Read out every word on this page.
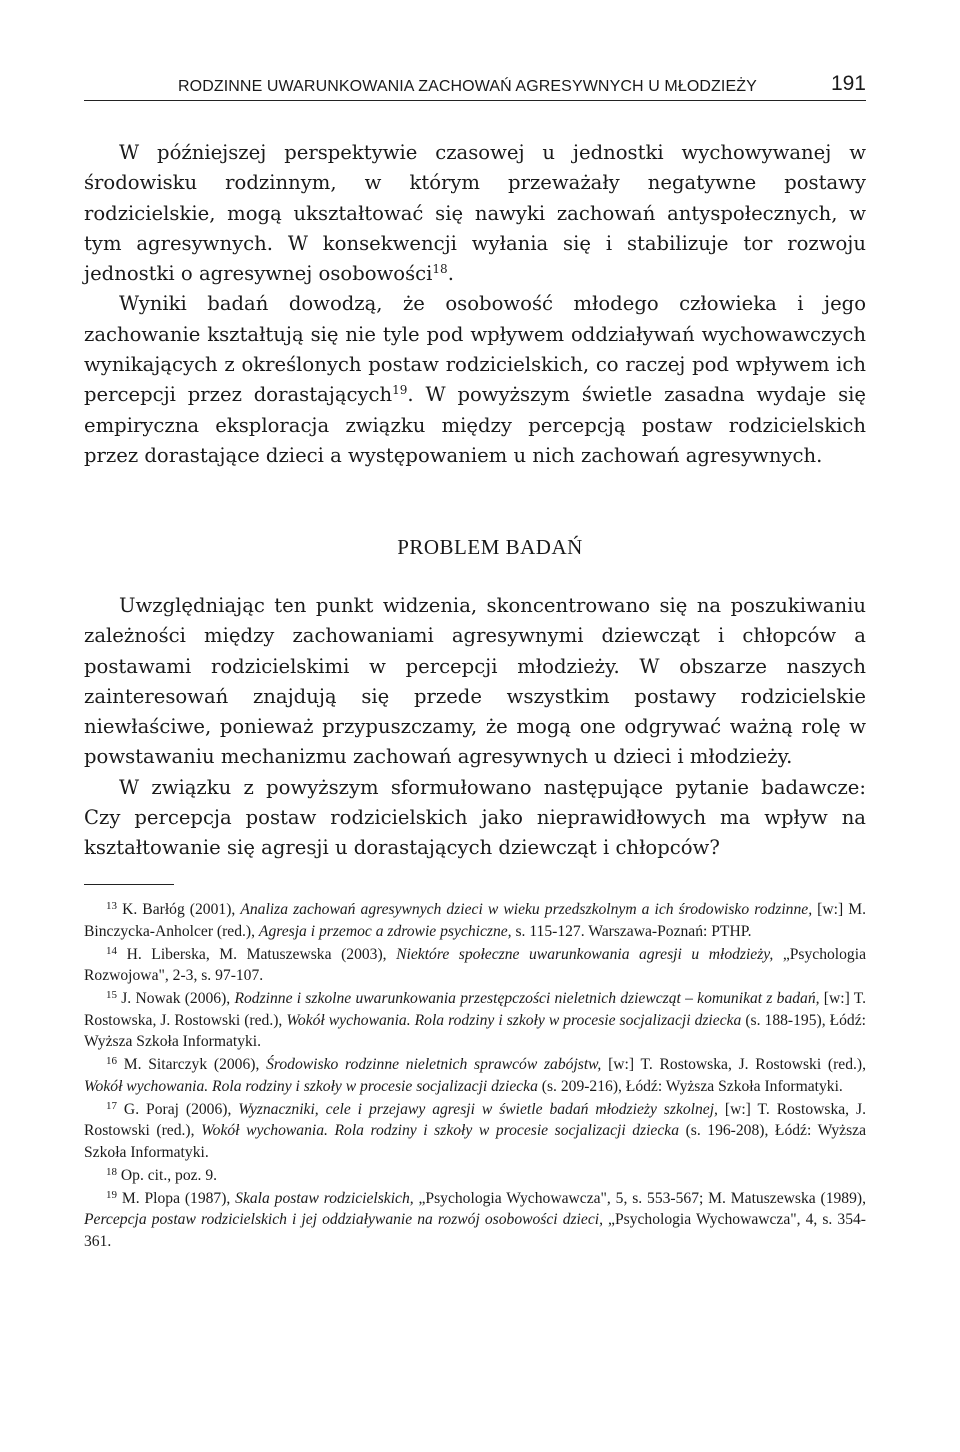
RODZINNE UWARUNKOWANIA ZACHOWAŃ AGRESYWNYCH U MŁODZIEŻY	191

W późniejszej perspektywie czasowej u jednostki wychowywanej w środowisku rodzinnym, w którym przeważały negatywne postawy rodzicielskie, mogą ukształtować się nawyki zachowań antyspołecznych, w tym agresywnych. W konsekwencji wyłania się i stabilizuje tor rozwoju jednostki o agresywnej osobowości$^{18}$.

Wyniki badań dowodzą, że osobowość młodego człowieka i jego zachowanie kształtują się nie tyle pod wpływem oddziaływań wychowawczych wynikających z określonych postaw rodzicielskich, co raczej pod wpływem ich percepcji przez dorastających$^{19}$. W powyższym świetle zasadna wydaje się empiryczna eksploracja związku między percepcją postaw rodzicielskich przez dorastające dzieci a występowaniem u nich zachowań agresywnych.

PROBLEM BADAŃ

Uwzględniając ten punkt widzenia, skoncentrowano się na poszukiwaniu zależności między zachowaniami agresywnymi dziewcząt i chłopców a postawami rodzicielskimi w percepcji młodzieży. W obszarze naszych zainteresowań znajdują się przede wszystkim postawy rodzicielskie niewłaściwe, ponieważ przypuszczamy, że mogą one odgrywać ważną rolę w powstawaniu mechanizmu zachowań agresywnych u dzieci i młodzieży.

W związku z powyższym sformułowano następujące pytanie badawcze: Czy percepcja postaw rodzicielskich jako nieprawidłowych ma wpływ na kształtowanie się agresji u dorastających dziewcząt i chłopców?

$^{13}$ K. Barłóg (2001), Analiza zachowań agresywnych dzieci w wieku przedszkolnym a ich środowisko rodzinne, [w:] M. Binczycka-Anholcer (red.), Agresja i przemoc a zdrowie psychiczne, s. 115-127. Warszawa-Poznań: PTHP.

$^{14}$ H. Liberska, M. Matuszewska (2003), Niektóre społeczne uwarunkowania agresji u młodzieży, „Psychologia Rozwojowa", 2-3, s. 97-107.

$^{15}$ J. Nowak (2006), Rodzinne i szkolne uwarunkowania przestępczości nieletnich dziewcząt – komunikat z badań, [w:] T. Rostowska, J. Rostowski (red.), Wokół wychowania. Rola rodziny i szkoły w procesie socjalizacji dziecka (s. 188-195), Łódź: Wyższa Szkoła Informatyki.

$^{16}$ M. Sitarczyk (2006), Środowisko rodzinne nieletnich sprawców zabójstw, [w:] T. Rostowska, J. Rostowski (red.), Wokół wychowania. Rola rodziny i szkoły w procesie socjalizacji dziecka (s. 209-216), Łódź: Wyższa Szkoła Informatyki.

$^{17}$ G. Poraj (2006), Wyznaczniki, cele i przejawy agresji w świetle badań młodzieży szkolnej, [w:] T. Rostowska, J. Rostowski (red.), Wokół wychowania. Rola rodziny i szkoły w procesie socjalizacji dziecka (s. 196-208), Łódź: Wyższa Szkoła Informatyki.

$^{18}$ Op. cit., poz. 9.

$^{19}$ M. Plopa (1987), Skala postaw rodzicielskich, „Psychologia Wychowawcza", 5, s. 553-567; M. Matuszewska (1989), Percepcja postaw rodzicielskich i jej oddziaływanie na rozwój osobowości dzieci, „Psychologia Wychowawcza", 4, s. 354-361.
